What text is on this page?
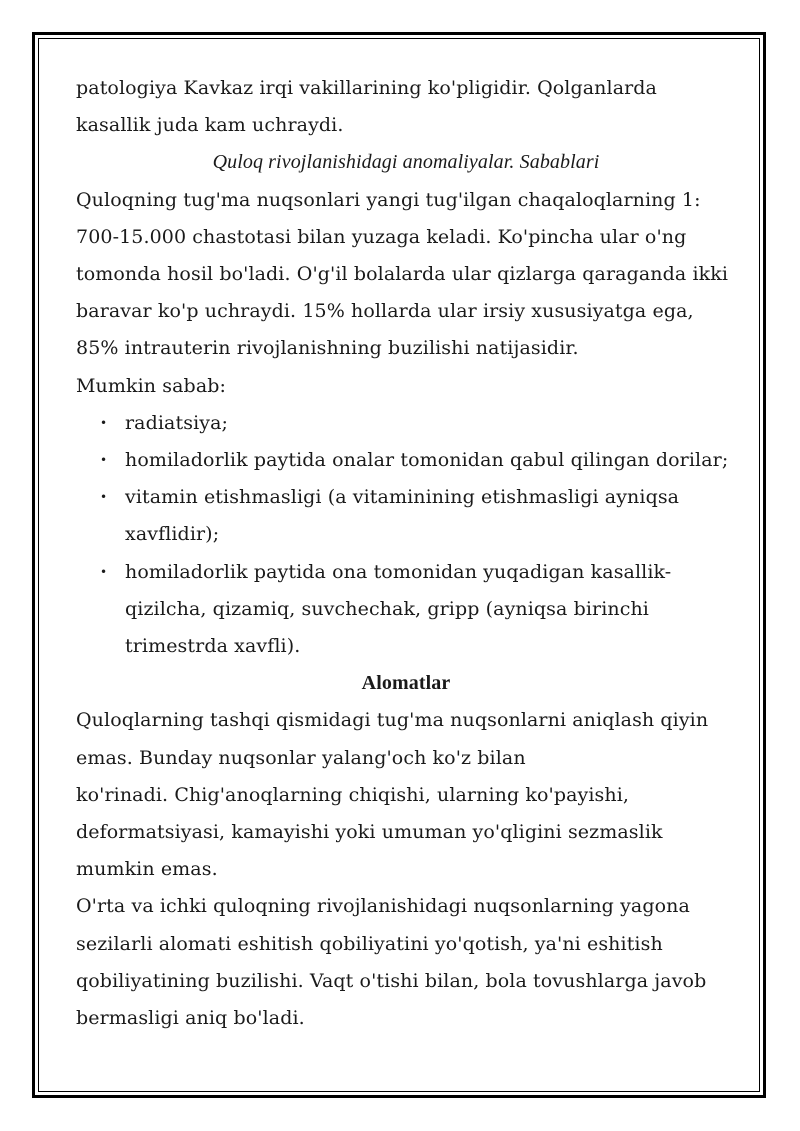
patologiya Kavkaz irqi vakillarining ko'pligidir. Qolganlarda
kasallik juda kam uchraydi.

Quloq rivojlanishidagi anomaliyalar. Sabablari

Quloqning tug'ma nuqsonlari yangi tug'ilgan chaqaloqlarning 1:
700-15.000 chastotasi bilan yuzaga keladi. Ko'pincha ular o'ng
tomonda hosil bo'ladi. O'g'il bolalarda ular qizlarga qaraganda ikki
baravar ko'p uchraydi. 15% hollarda ular irsiy xususiyatga ega,
85% intrauterin rivojlanishning buzilishi natijasidir.

Mumkin sabab:

• radiatsiya;
• homiladorlik paytida onalar tomonidan qabul qilingan dorilar;
• vitamin etishmasligi (a vitaminining etishmasligi ayniqsa
xavflidir);
• homiladorlik paytida ona tomonidan yuqadigan kasallik-
qizilcha, qizamiq, suvchechak, gripp (ayniqsa birinchi
trimestrda xavfli).

Alomatlar

Quloqlarning tashqi qismidagi tug'ma nuqsonlarni aniqlash qiyin
emas. Bunday nuqsonlar yalang'och ko'z bilan
ko'rinadi. Chig'anoqlarning chiqishi, ularning ko'payishi,
deformatsiyasi, kamayishi yoki umuman yo'qligini sezmaslik
mumkin emas.

O'rta va ichki quloqning rivojlanishidagi nuqsonlarning yagona
sezilarli alomati eshitish qobiliyatini yo'qotish, ya'ni eshitish
qobiliyatining buzilishi. Vaqt o'tishi bilan, bola tovushlarga javob
bermasligi aniq bo'ladi.
